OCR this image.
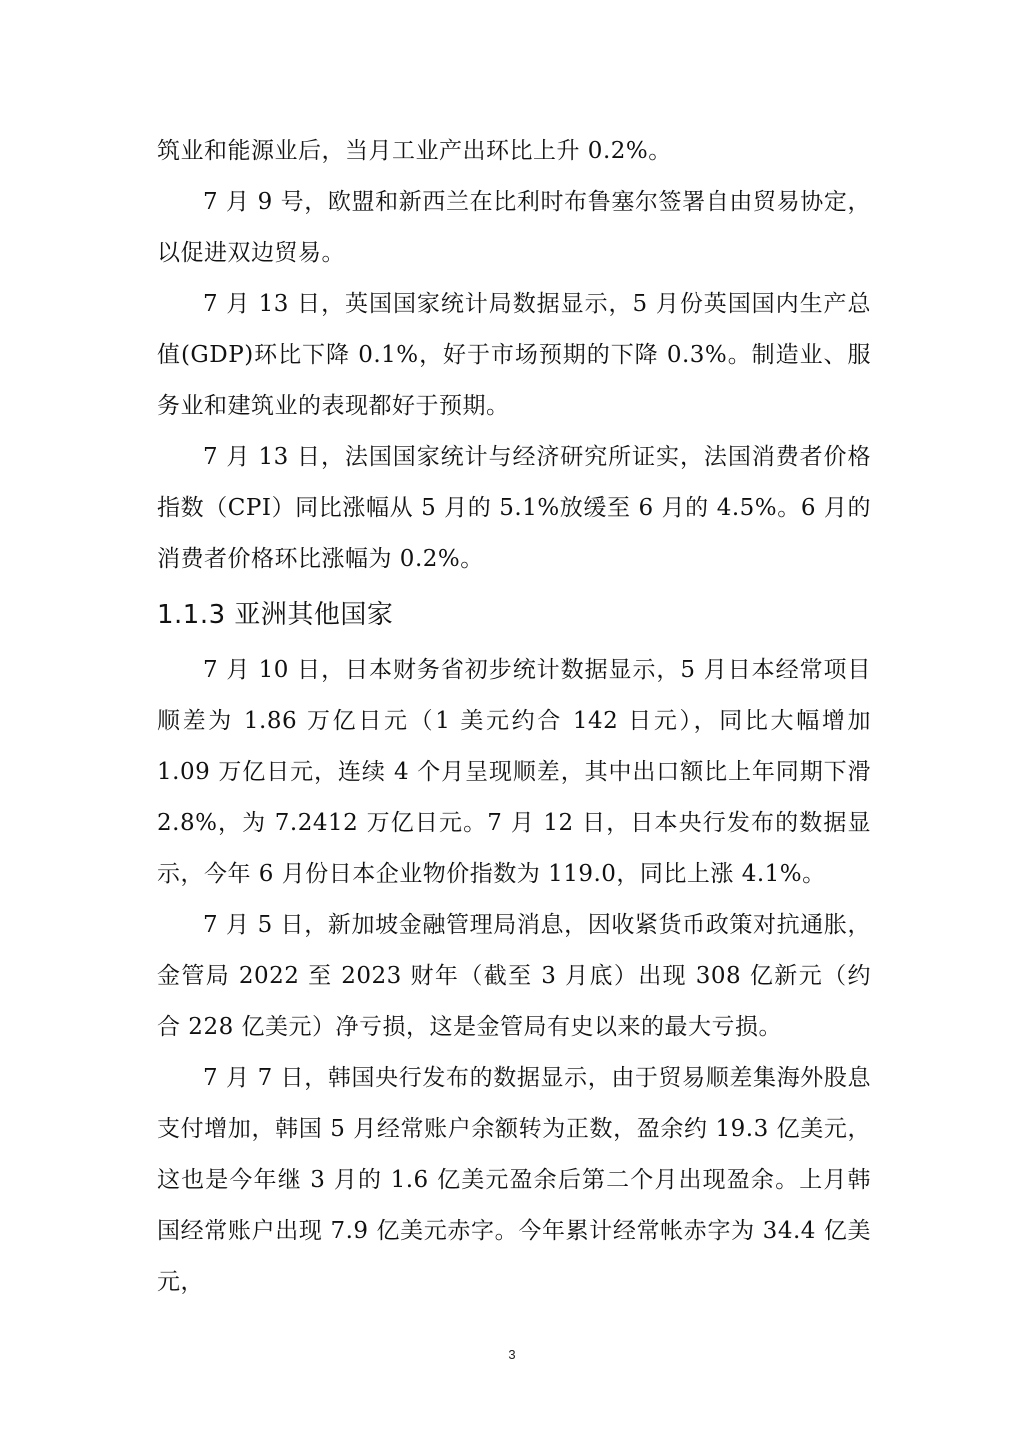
筑业和能源业后，当月工业产出环比上升 0.2%。

7 月 9 号，欧盟和新西兰在比利时布鲁塞尔签署自由贸易协定，以促进双边贸易。

7 月 13 日，英国国家统计局数据显示，5 月份英国国内生产总值(GDP)环比下降 0.1%，好于市场预期的下降 0.3%。制造业、服务业和建筑业的表现都好于预期。

7 月 13 日，法国国家统计与经济研究所证实，法国消费者价格指数（CPI）同比涨幅从 5 月的 5.1%放缓至 6 月的 4.5%。6 月的消费者价格环比涨幅为 0.2%。

1.1.3 亚洲其他国家

7 月 10 日，日本财务省初步统计数据显示，5 月日本经常项目顺差为 1.86 万亿日元（1 美元约合 142 日元），同比大幅增加 1.09 万亿日元，连续 4 个月呈现顺差，其中出口额比上年同期下滑 2.8%，为 7.2412 万亿日元。7 月 12 日，日本央行发布的数据显示，今年 6 月份日本企业物价指数为 119.0，同比上涨 4.1%。

7 月 5 日，新加坡金融管理局消息，因收紧货币政策对抗通胀，金管局 2022 至 2023 财年（截至 3 月底）出现 308 亿新元（约合 228 亿美元）净亏损，这是金管局有史以来的最大亏损。

7 月 7 日，韩国央行发布的数据显示，由于贸易顺差集海外股息支付增加，韩国 5 月经常账户余额转为正数，盈余约 19.3 亿美元，这也是今年继 3 月的 1.6 亿美元盈余后第二个月出现盈余。上月韩国经常账户出现 7.9 亿美元赤字。今年累计经常帐赤字为 34.4 亿美元，

3
